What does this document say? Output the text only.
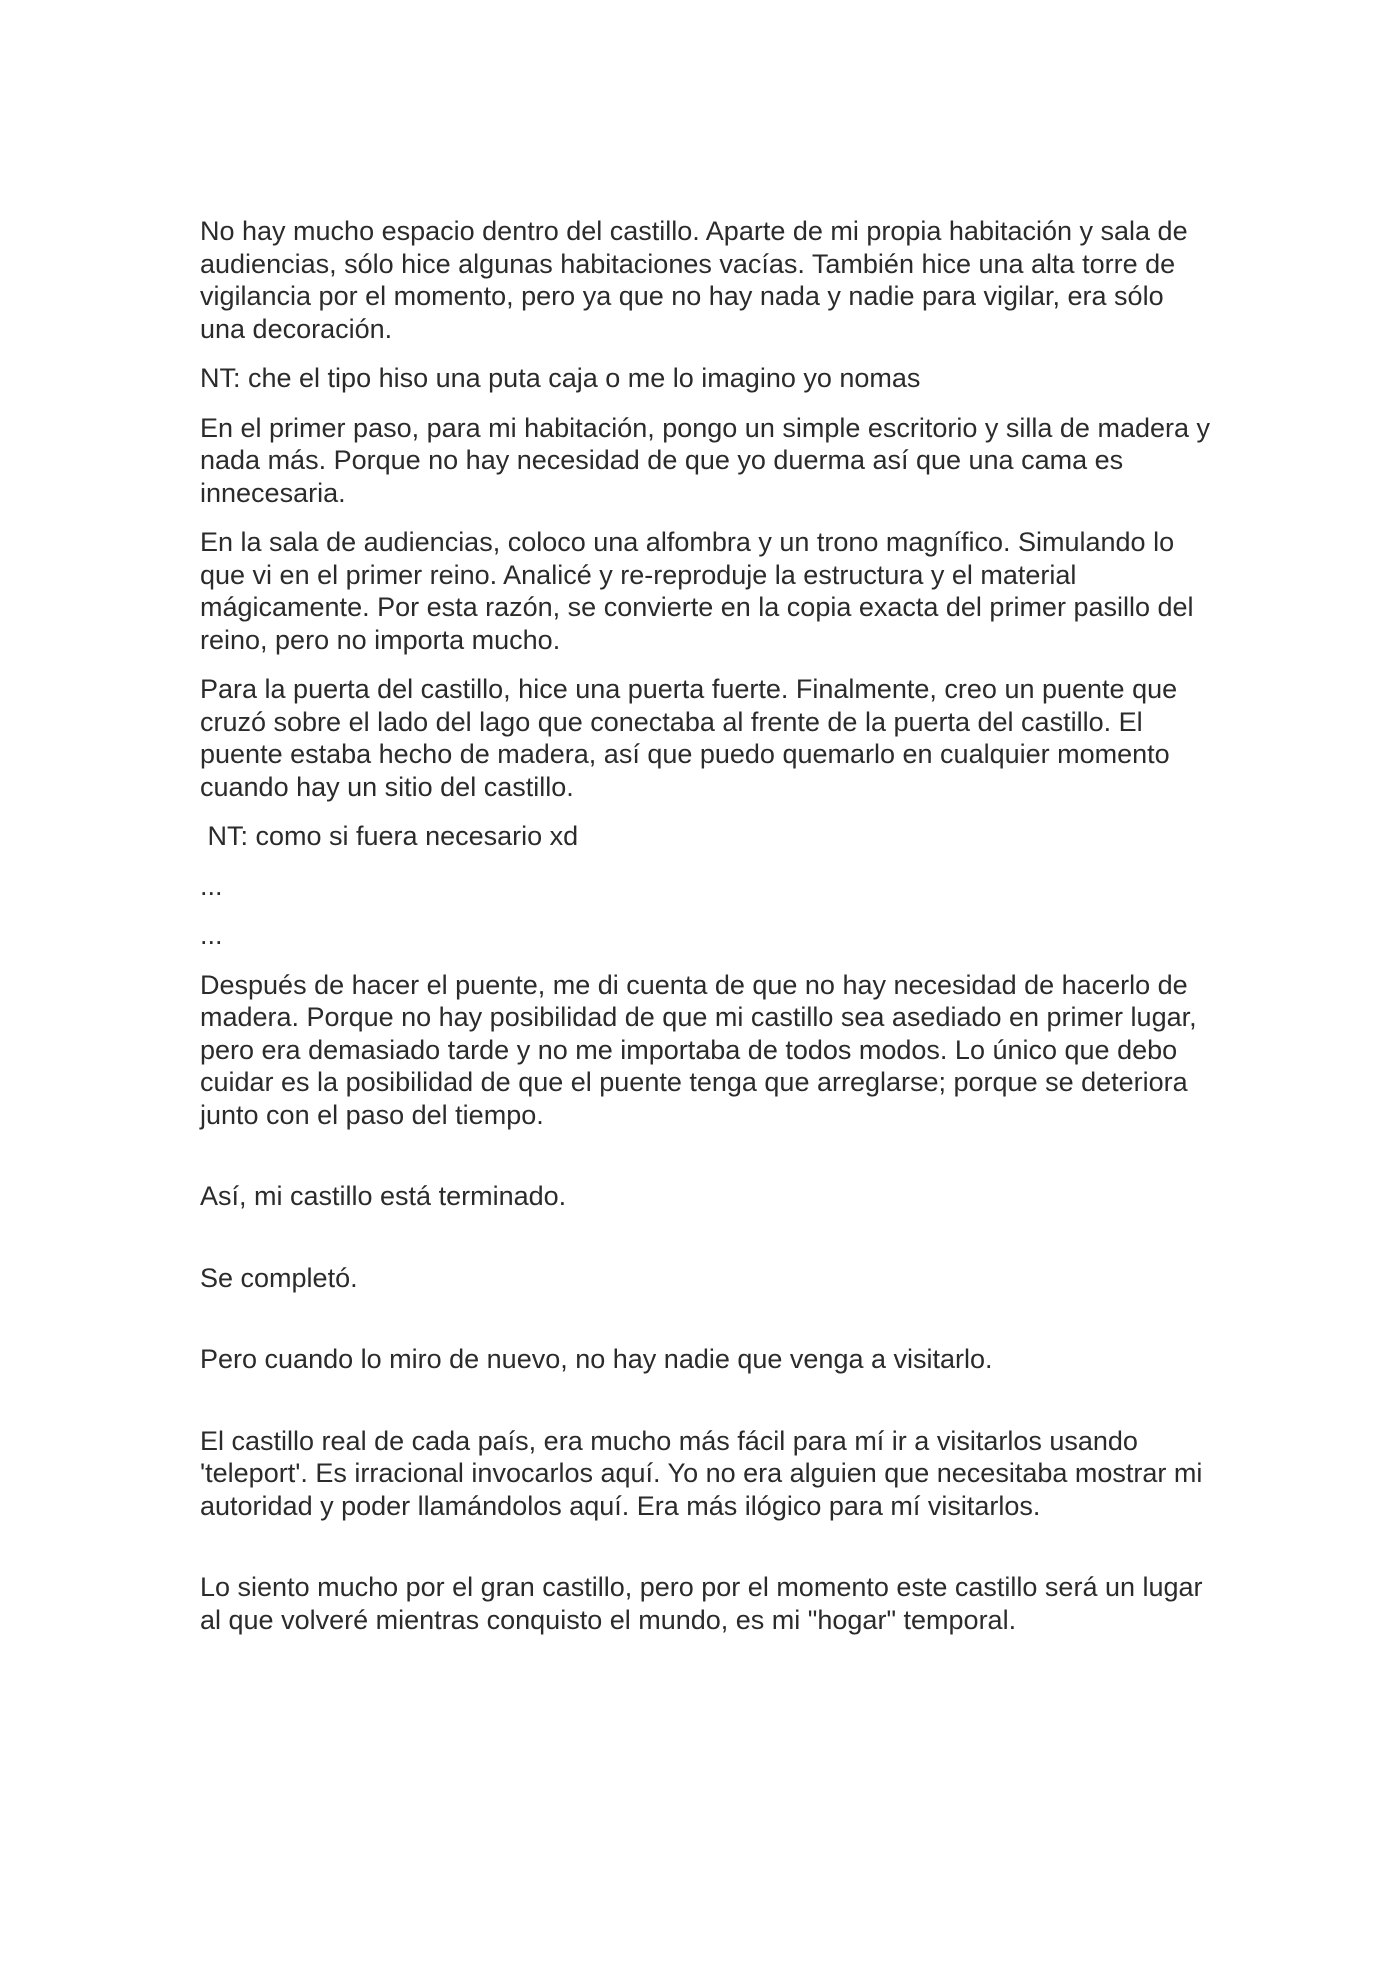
No hay mucho espacio dentro del castillo. Aparte de mi propia habitación y sala de audiencias, sólo hice algunas habitaciones vacías. También hice una alta torre de vigilancia por el momento, pero ya que no hay nada y nadie para vigilar, era sólo una decoración.

NT: che el tipo hiso una puta caja o me lo imagino yo nomas

En el primer paso, para mi habitación, pongo un simple escritorio y silla de madera y nada más. Porque no hay necesidad de que yo duerma así que una cama es innecesaria.

En la sala de audiencias, coloco una alfombra y un trono magnífico. Simulando lo que vi en el primer reino. Analicé y re-reproduje la estructura y el material mágicamente. Por esta razón, se convierte en la copia exacta del primer pasillo del reino, pero no importa mucho.

Para la puerta del castillo, hice una puerta fuerte. Finalmente, creo un puente que cruzó sobre el lado del lago que conectaba al frente de la puerta del castillo. El puente estaba hecho de madera, así que puedo quemarlo en cualquier momento cuando hay un sitio del castillo.

NT: como si fuera necesario xd

...

...

Después de hacer el puente, me di cuenta de que no hay necesidad de hacerlo de madera. Porque no hay posibilidad de que mi castillo sea asediado en primer lugar, pero era demasiado tarde y no me importaba de todos modos. Lo único que debo cuidar es la posibilidad de que el puente tenga que arreglarse; porque se deteriora junto con el paso del tiempo.

Así, mi castillo está terminado.

Se completó.

Pero cuando lo miro de nuevo, no hay nadie que venga a visitarlo.

El castillo real de cada país, era mucho más fácil para mí ir a visitarlos usando 'teleport'. Es irracional invocarlos aquí. Yo no era alguien que necesitaba mostrar mi autoridad y poder llamándolos aquí. Era más ilógico para mí visitarlos.

Lo siento mucho por el gran castillo, pero por el momento este castillo será un lugar al que volveré mientras conquisto el mundo, es mi "hogar" temporal.
